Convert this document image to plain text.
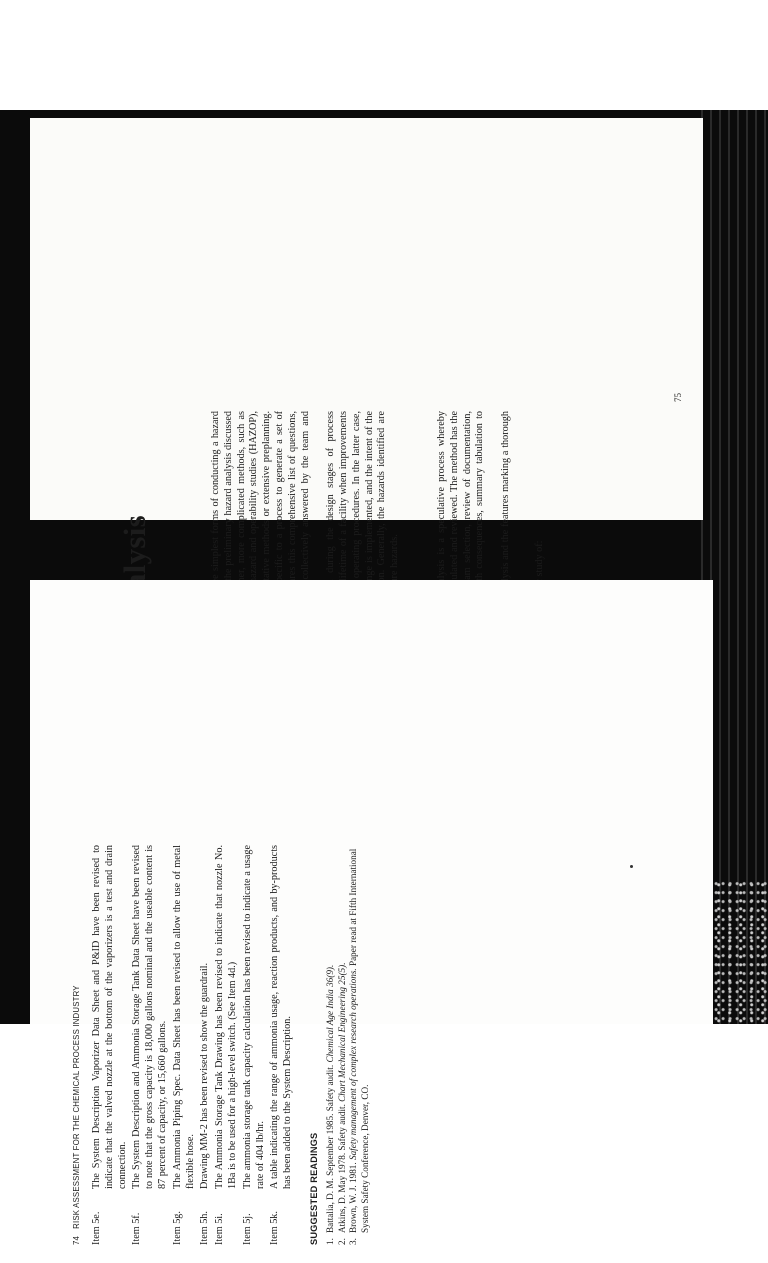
75

74   RISK ASSESSMENT FOR THE CHEMICAL PROCESS INDUSTRY Item 5e.
The System Description Vaporizer Data Sheet and P&ID have been revised to indicate that the valved nozzle at the bottom of the vaporizers is a test and drain connection.
Item 5f.
The System Description and Ammonia Storage Tank Data Sheet have been revised to note that the gross capacity is 18,000 gallons nominal and the useable content is 87 percent of capacity, or 15,660 gallons.
Item 5g.
The Ammonia Piping Spec. Data Sheet has been revised to allow the use of metal flexible hose.
Item 5h.
Drawing MM-2 has been revised to show the guardrail.
Item 5i.
The Ammonia Storage Tank Drawing has been revised to indicate that nozzle No. 1Ba is to be used for a high-level switch. (See Item 4d.)
Item 5j.
The ammonia storage tank capacity calculation has been revised to indicate a usage rate of 404 lb/hr.
Item 5k.
A table indicating the range of ammonia usage, reaction products, and by-products has been added to the System Description. SUGGESTED READINGS 1.
Battalia, D. M. September 1985. Safety audit. Chemical Age India 36(9).
2.
Atkins, D. May 1978. Safety audit. Chart Mechanical Engineering 25(5).
3.
Brown, W. J. 1981. Safety management of complex research operations. Paper read at Fifth International System Safety Conference, Denver, CO.
